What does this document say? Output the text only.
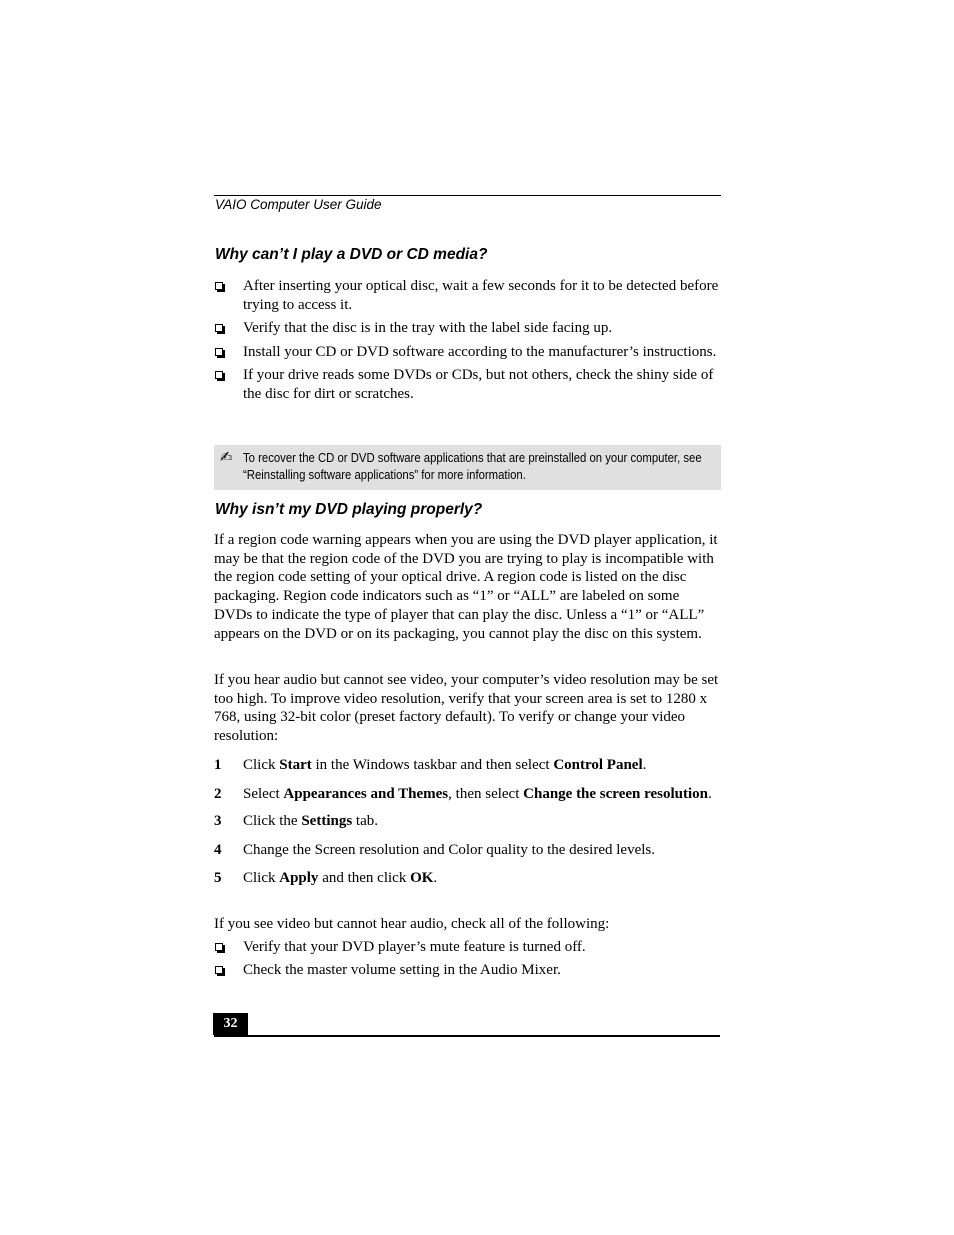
VAIO Computer User Guide
Why can’t I play a DVD or CD media?
After inserting your optical disc, wait a few seconds for it to be detected before trying to access it.
Verify that the disc is in the tray with the label side facing up.
Install your CD or DVD software according to the manufacturer’s instructions.
If your drive reads some DVDs or CDs, but not others, check the shiny side of the disc for dirt or scratches.
✍ To recover the CD or DVD software applications that are preinstalled on your computer, see “Reinstalling software applications” for more information.
Why isn’t my DVD playing properly?

If a region code warning appears when you are using the DVD player application, it may be that the region code of the DVD you are trying to play is incompatible with the region code setting of your optical drive. A region code is listed on the disc packaging. Region code indicators such as “1” or “ALL” are labeled on some DVDs to indicate the type of player that can play the disc. Unless a “1” or “ALL” appears on the DVD or on its packaging, you cannot play the disc on this system.

If you hear audio but cannot see video, your computer’s video resolution may be set too high. To improve video resolution, verify that your screen area is set to 1280 x 768, using 32-bit color (preset factory default). To verify or change your video resolution:

1 Click Start in the Windows taskbar and then select Control Panel.
2 Select Appearances and Themes, then select Change the screen resolution.
3 Click the Settings tab.
4 Change the Screen resolution and Color quality to the desired levels.
5 Click Apply and then click OK.

If you see video but cannot hear audio, check all of the following:

Verify that your DVD player’s mute feature is turned off.
Check the master volume setting in the Audio Mixer.
32
